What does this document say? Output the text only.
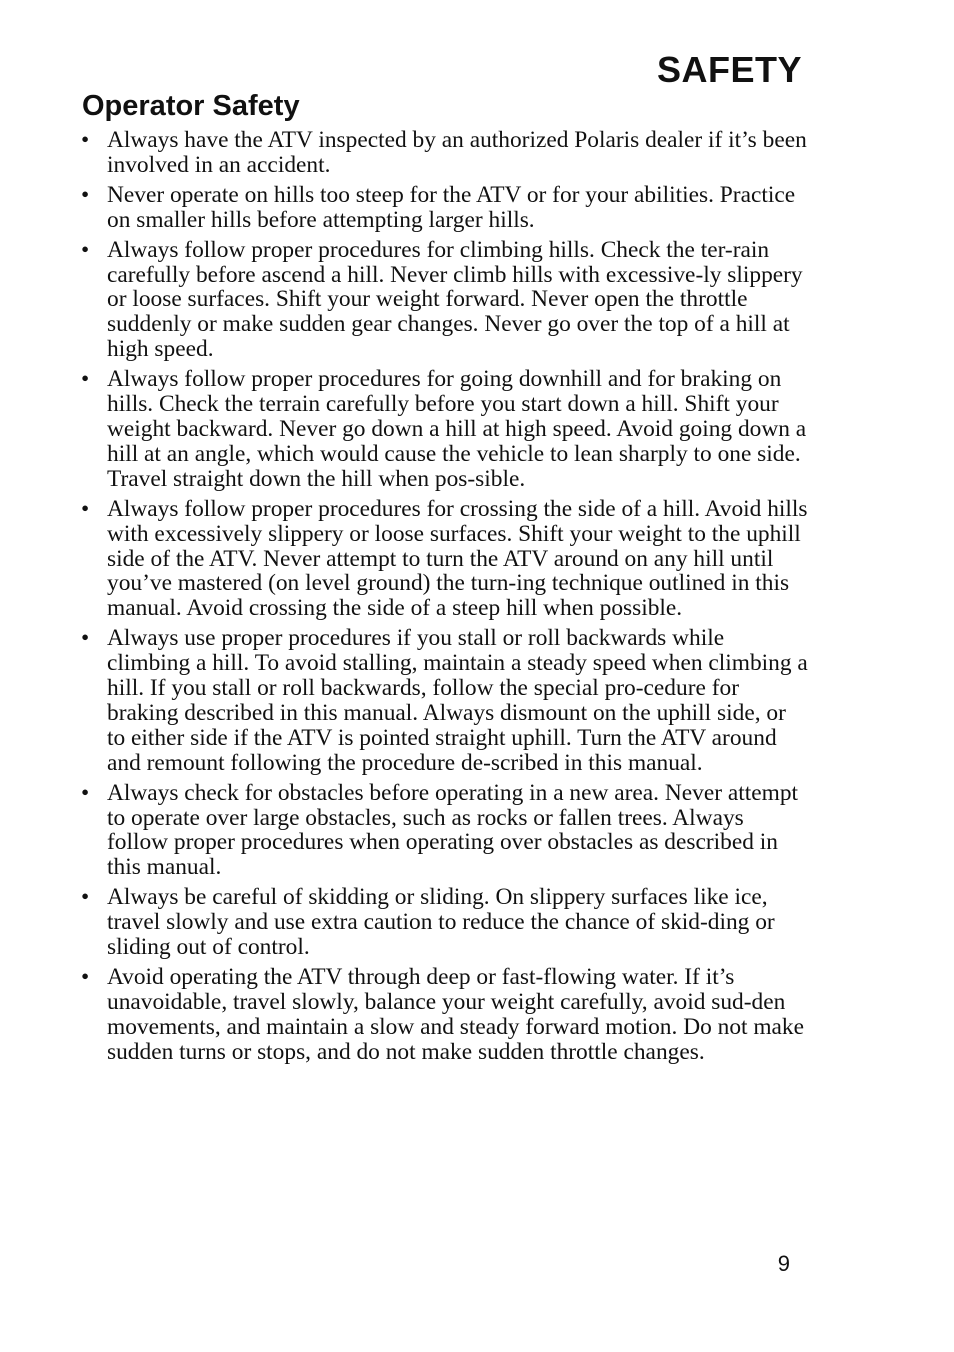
SAFETY
Operator Safety
• Always have the ATV inspected by an authorized Polaris dealer if it’s been involved in an accident.
• Never operate on hills too steep for the ATV or for your abilities. Practice on smaller hills before attempting larger hills.
• Always follow proper procedures for climbing hills. Check the ter-rain carefully before ascend a hill. Never climb hills with excessive-ly slippery or loose surfaces. Shift your weight forward. Never open the throttle suddenly or make sudden gear changes. Never go over the top of a hill at high speed.
• Always follow proper procedures for going downhill and for braking on hills. Check the terrain carefully before you start down a hill. Shift your weight backward. Never go down a hill at high speed. Avoid going down a hill at an angle, which would cause the vehicle to lean sharply to one side. Travel straight down the hill when pos-sible.
• Always follow proper procedures for crossing the side of a hill. Avoid hills with excessively slippery or loose surfaces. Shift your weight to the uphill side of the ATV. Never attempt to turn the ATV around on any hill until you’ve mastered (on level ground) the turn-ing technique outlined in this manual. Avoid crossing the side of a steep hill when possible.
• Always use proper procedures if you stall or roll backwards while climbing a hill. To avoid stalling, maintain a steady speed when climbing a hill. If you stall or roll backwards, follow the special pro-cedure for braking described in this manual. Always dismount on the uphill side, or to either side if the ATV is pointed straight uphill. Turn the ATV around and remount following the procedure de-scribed in this manual.
• Always check for obstacles before operating in a new area. Never attempt to operate over large obstacles, such as rocks or fallen trees. Always follow proper procedures when operating over obstacles as described in this manual.
• Always be careful of skidding or sliding. On slippery surfaces like ice, travel slowly and use extra caution to reduce the chance of skid-ding or sliding out of control.
• Avoid operating the ATV through deep or fast-flowing water. If it’s unavoidable, travel slowly, balance your weight carefully, avoid sud-den movements, and maintain a slow and steady forward motion. Do not make sudden turns or stops, and do not make sudden throttle changes.
9
